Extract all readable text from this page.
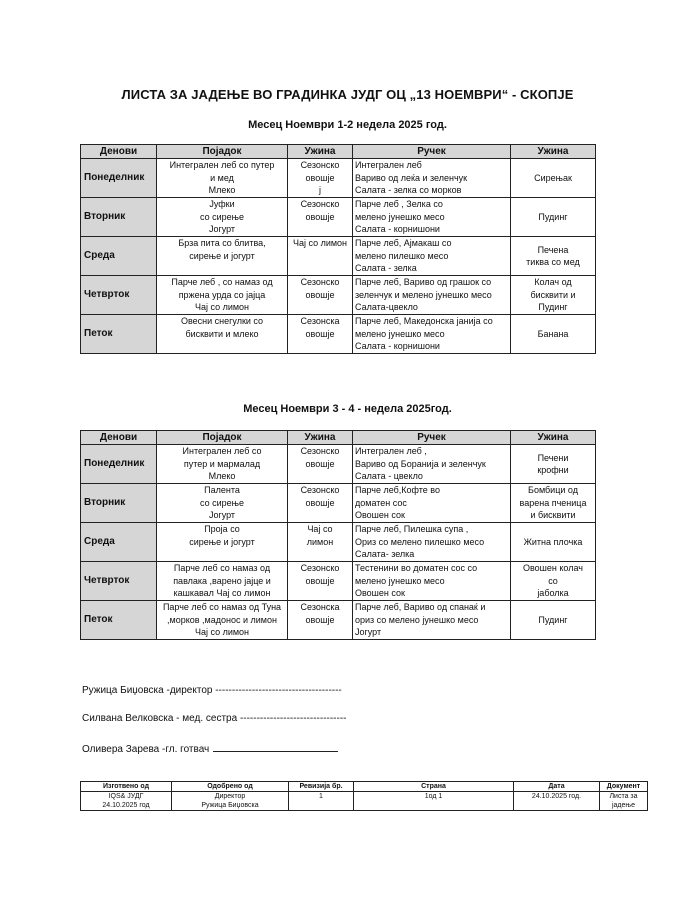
ЛИСТА ЗА ЈАДЕЊЕ ВО ГРАДИНКА ЈУДГ ОЦ „13 НОЕМВРИ“ - СКОПЈЕ
Месец Ноември 1-2 недела 2025 год.
Денови	Појадок	Ужина	Ручек	Ужина
Понеделник	Интегрален леб со путер
и мед
Млеко	Сезонско
овошје
ј	Интегрален леб
Вариво од леќа и зеленчук
Салата - зелка со морков	Сирењак

Вторник	Јуфки
со сирење
Јогурт	Сезонско
овошје	Парче леб , Зелка со
мелено јунешко месо
Салата - корнишони	Пудинг

Среда	Брза пита со блитва,
сирење и јогурт	Чај со лимон	Парче леб, Ајмакаш со
мелено пилешко месо
Салата - зелка	Печена
тиква со мед

Четврток	Парче леб , со намаз од
пржена урда со јајца
Чај со лимон	Сезонско
овошје	Парче леб, Вариво од грашок со
зеленчук и мелено јунешко месо
Салата-цвекло	Колач од
бисквити и
Пудинг

Петок	Овесни снегулки со
бисквити и млеко	Сезонска
овошје	Парче леб, Македонска јанија со
мелено јунешко месо
Салата - корнишони	Банана
Месец Ноември 3 - 4 - недела 2025год.
Денови	Појадок	Ужина	Ручек	Ужина
Понеделник	Интегрален леб со
путер и мармалад
Млеко	Сезонско
овошје	Интегрален леб ,
Вариво од Боранија и зеленчук
Салата - цвекло	Печени
крофни

Вторник	Палента
со сирење
Јогурт	Сезонско
овошје	Парче леб,Кофте во
доматен сос
Овошен сок	Бомбици од
варена пченица
и бисквити

Среда	Проја со
сирење и јогурт	Чај со
лимон	Парче леб, Пилешка супа ,
Ориз со мелено пилешко месо
Салата- зелка	Житна плочка

Четврток	Парче леб со намаз од
павлака ,варено јајце и
кашкавал Чај со лимон	Сезонско
овошје	Тестенини во доматен сос со
мелено јунешко месо
Овошен сок	Овошен колач
со
јаболка

Петок	Парче леб со намаз од Туна
,морков ,мадонос и лимон
Чај со лимон	Сезонска
овошје	Парче леб, Вариво од спанаќ и
ориз со мелено јунешко месо
Јогурт	Пудинг
Ружица Биџовска -директор --------------------------------------
Силвана Велковска - мед. сестра --------------------------------
Оливера Зарева -гл. готвач
Изготвено од	Одобрено од	Ревизија бр.	Страна	Дата	Документ

IQS& ЈУДГ
24.10.2025 год	Директор
Ружица Биџовска	1	1од 1	24.10.2025 год.	Листа за
јадење
